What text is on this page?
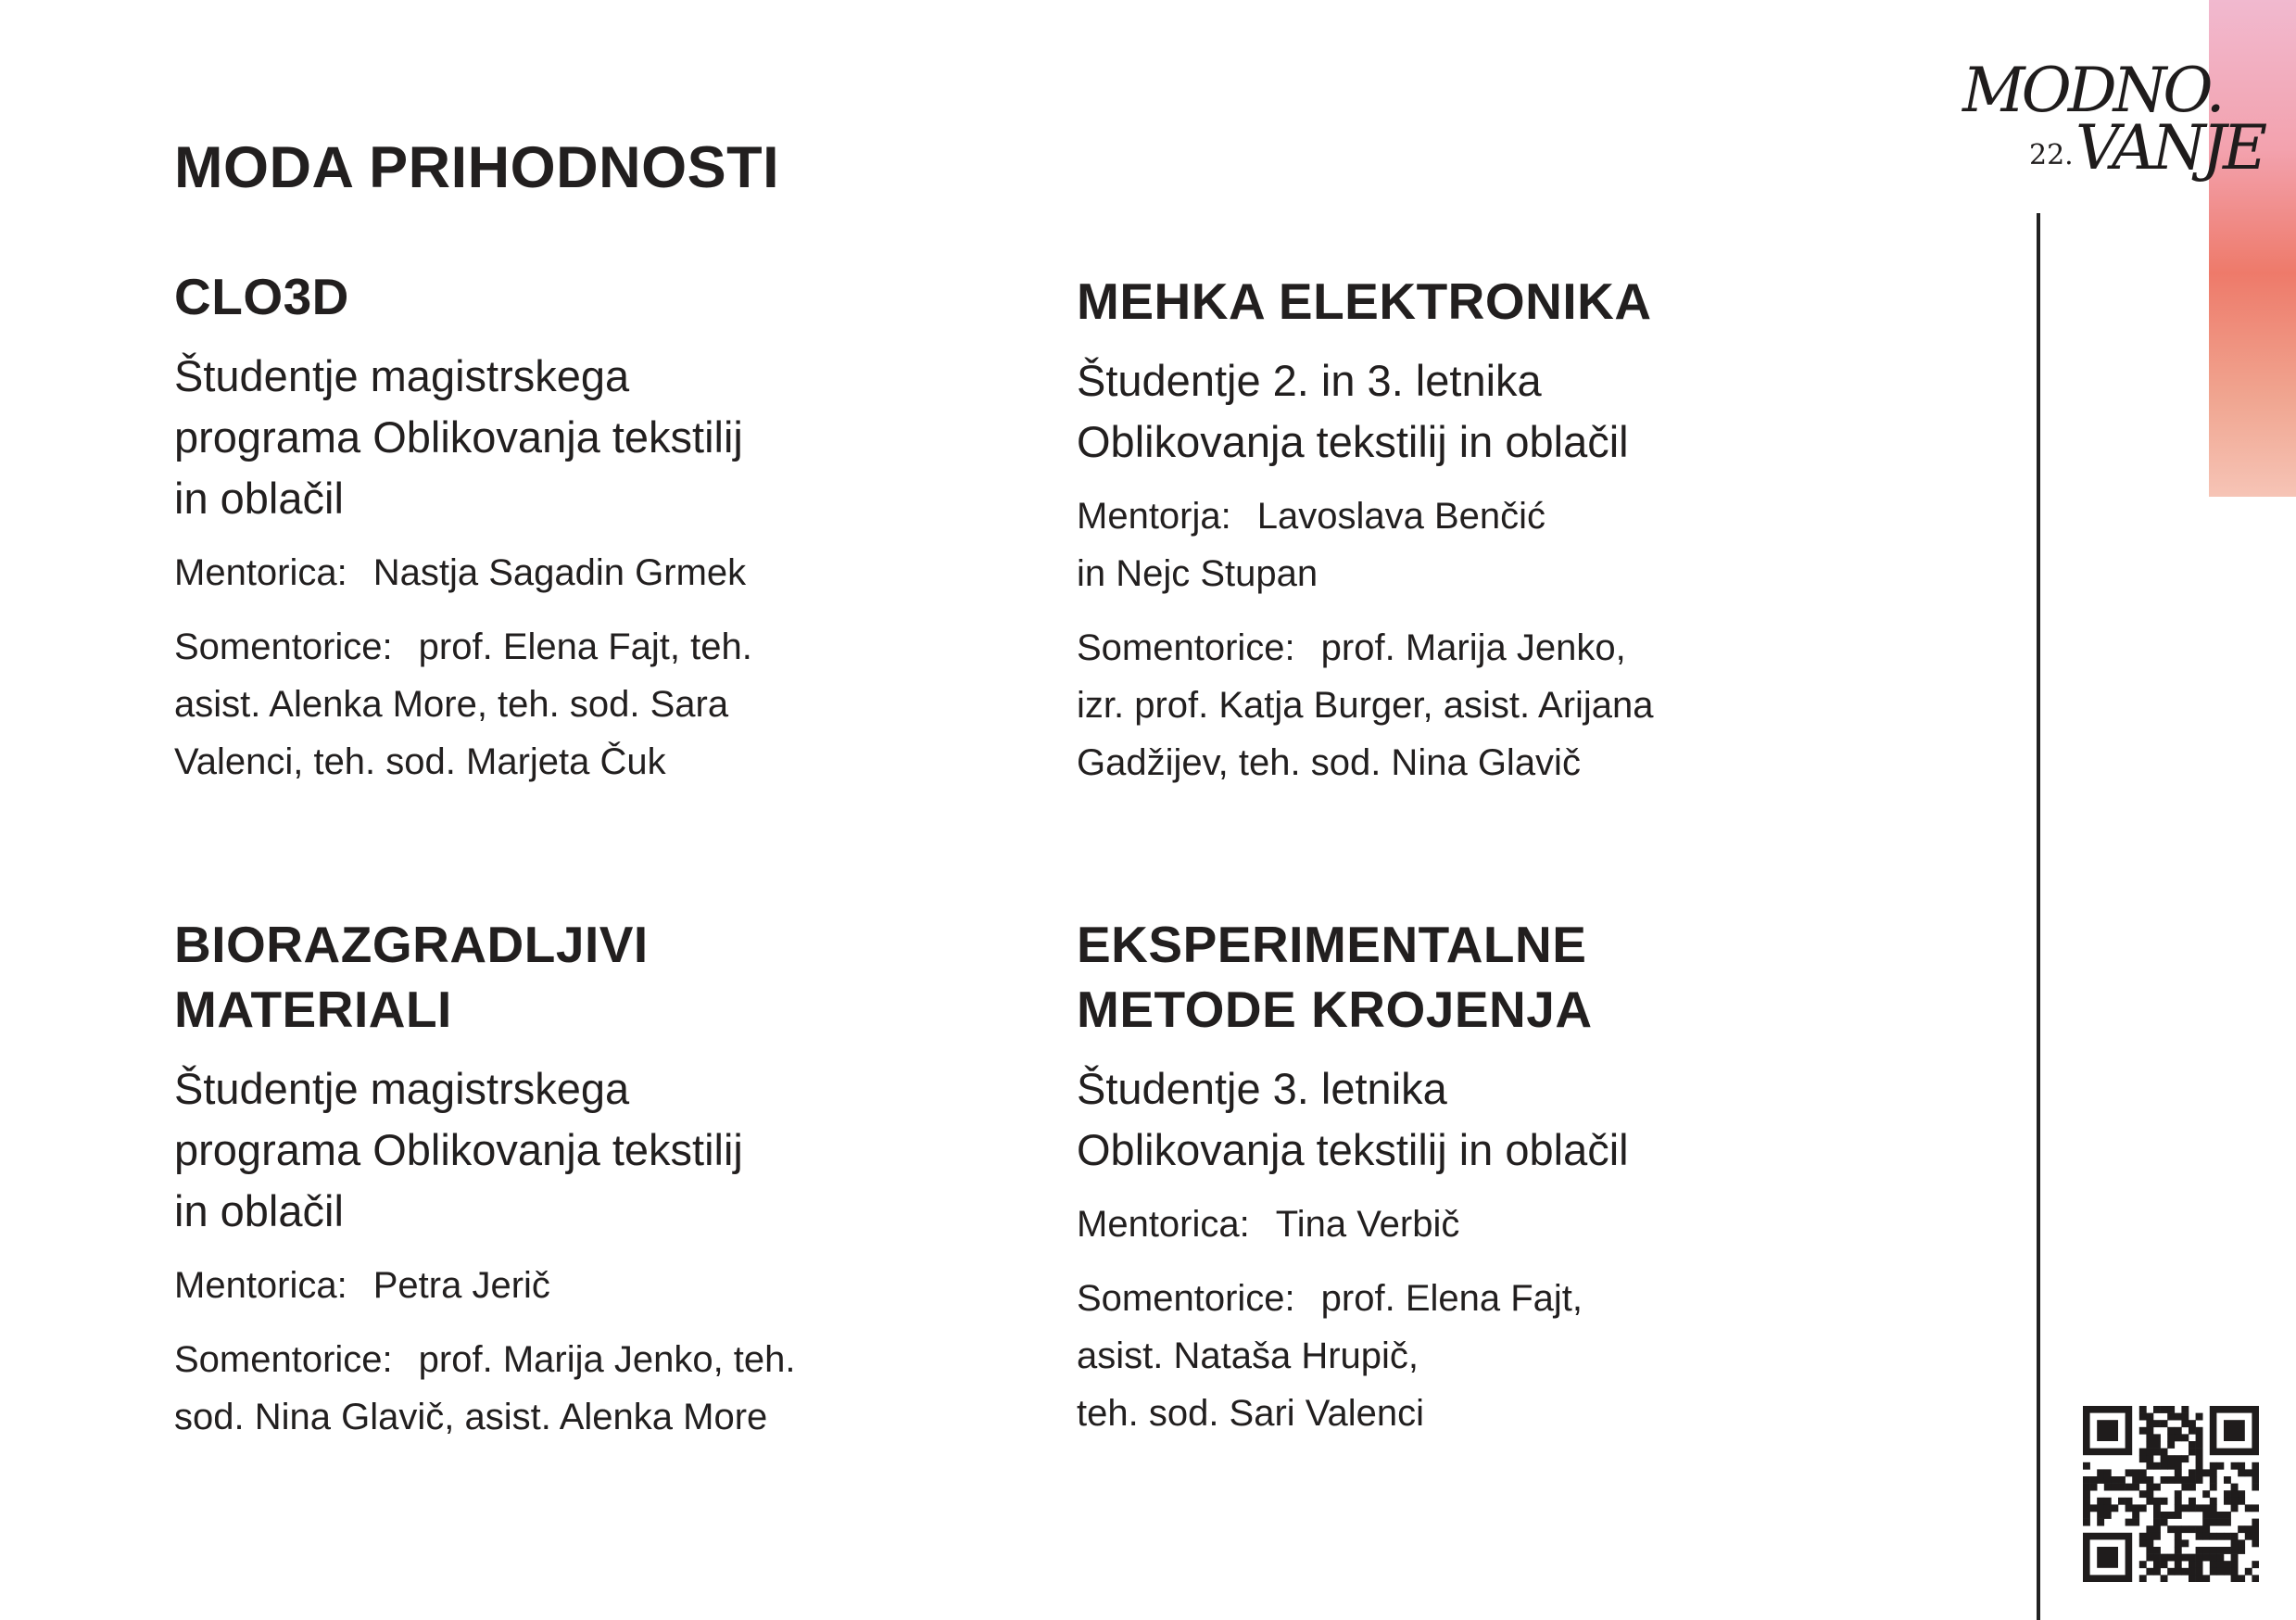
MODNO.
22. VANJE
MODA PRIHODNOSTI
CLO3D

Študentje magistrskega
programa Oblikovanja tekstilij
in oblačil

Mentorica: Nastja Sagadin Grmek

Somentorice: prof. Elena Fajt, teh.
asist. Alenka More, teh. sod. Sara
Valenci, teh. sod. Marjeta Čuk

MEHKA ELEKTRONIKA

Študentje 2. in 3. letnika
Oblikovanja tekstilij in oblačil

Mentorja: Lavoslava Benčić
in Nejc Stupan

Somentorice: prof. Marija Jenko,
izr. prof. Katja Burger, asist. Arijana
Gadžijev, teh. sod. Nina Glavič

BIORAZGRADLJIVI
MATERIALI

Študentje magistrskega
programa Oblikovanja tekstilij
in oblačil

Mentorica: Petra Jerič

Somentorice: prof. Marija Jenko, teh.
sod. Nina Glavič, asist. Alenka More

EKSPERIMENTALNE
METODE KROJENJA

Študentje 3. letnika
Oblikovanja tekstilij in oblačil

Mentorica: Tina Verbič

Somentorice: prof. Elena Fajt,
asist. Nataša Hrupič,
teh. sod. Sari Valenci
